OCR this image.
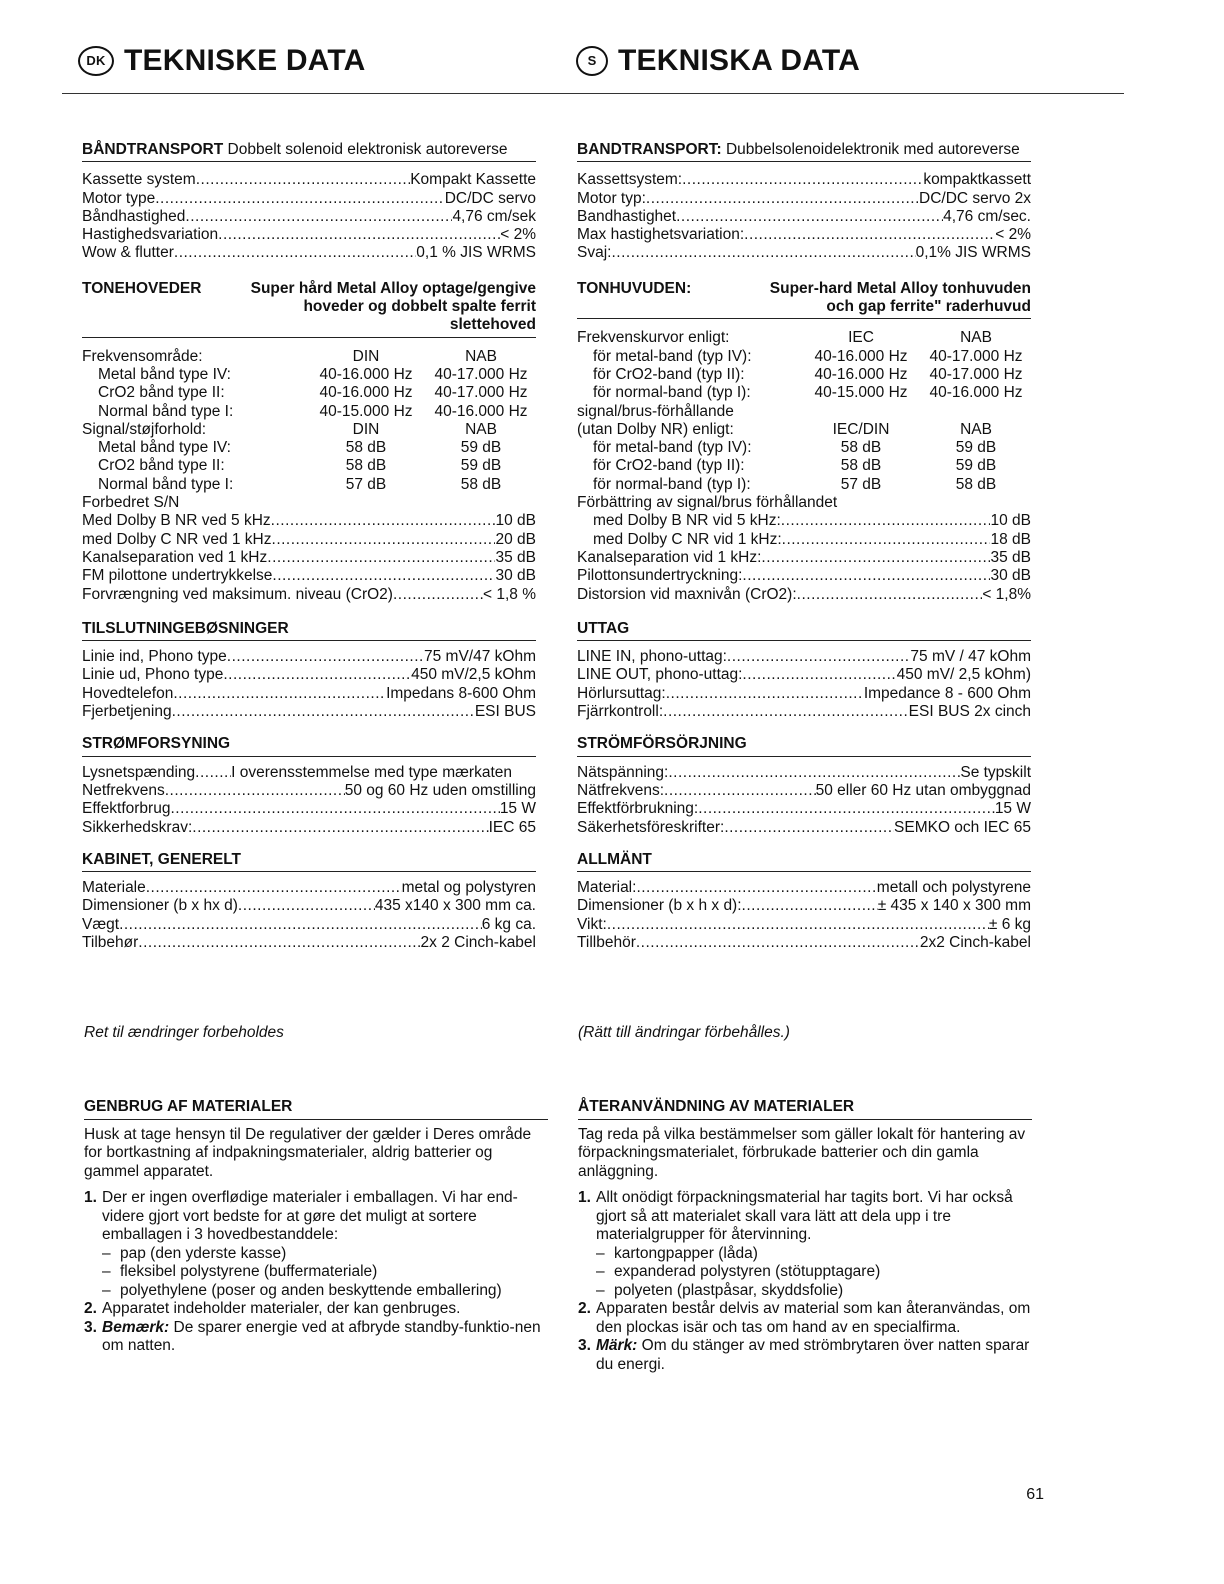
DK TEKNISKE DATA	S TEKNISKA DATA
BÅNDTRANSPORT Dobbelt solenoid elektronisk autoreverse
Kassette system .....	Kompakt Kassette
Motor type .....	DC/DC servo
Båndhastighed .....	4,76 cm/sek
Hastighedsvariation .....	< 2%
Wow & flutter .....	0,1 % JIS WRMS
TONEHOVEDER	Super hård Metal Alloy optage/gengive hoveder og dobbelt spalte ferrit slettehoved
Frekvensområde:	DIN	NAB
Metal bånd type IV:	40-16.000 Hz	40-17.000 Hz
CrO2 bånd type II:	40-16.000 Hz	40-17.000 Hz
Normal bånd type I:	40-15.000 Hz	40-16.000 Hz
Signal/støjforhold:	DIN	NAB
Metal bånd type IV:	58 dB	59 dB
CrO2 bånd type II:	58 dB	59 dB
Normal bånd type I:	57 dB	58 dB
Forbedret S/N
Med Dolby B NR ved 5 kHz .....	10 dB
med Dolby C NR ved 1 kHz .....	20 dB
Kanalseparation ved 1 kHz .....	35 dB
FM pilottone undertrykkelse .....	30 dB
Forvrængning ved maksimum. niveau (CrO2) .....	< 1,8 %
TILSLUTNINGEBØSNINGER
Linie ind, Phono type .....	75 mV/47 kOhm
Linie ud, Phono type .....	450 mV/2,5 kOhm
Hovedtelefon .....	Impedans 8-600 Ohm
Fjerbetjening .....	ESI BUS
STRØMFORSYNING
Lysnetspænding ..... I overensstemmelse med type mærkaten
Netfrekvens .....	50 og 60 Hz uden omstilling
Effektforbrug .....	15 W
Sikkerhedskrav: .....	IEC 65
KABINET, GENERELT
Materiale .....	metal og polystyren
Dimensioner (b x hx d) .....	435 x140 x 300 mm ca.
Vægt .....	6 kg ca.
Tilbehør .....	2x 2 Cinch-kabel
BANDTRANSPORT: Dubbelsolenoidelektronik med autoreverse
Kassettsystem: .....	kompaktkassett
Motor typ: .....	DC/DC servo 2x
Bandhastighet .....	4,76 cm/sec.
Max hastighetsvariation: .....	< 2%
Svaj: .....	0,1% JIS WRMS
TONHUVUDEN:	Super-hard Metal Alloy tonhuvuden och gap ferrite" raderhuvud
Frekvenskurvor enligt:	IEC	NAB
för metal-band (typ IV):	40-16.000 Hz	40-17.000 Hz
för CrO2-band (typ II):	40-16.000 Hz	40-17.000 Hz
för normal-band (typ I):	40-15.000 Hz	40-16.000 Hz
signal/brus-förhållande
(utan Dolby NR) enligt:	IEC/DIN	NAB
för metal-band (typ IV):	58 dB	59 dB
för CrO2-band (typ II):	58 dB	59 dB
för normal-band (typ I):	57 dB	58 dB
Förbättring av signal/brus förhållandet
med Dolby B NR vid 5 kHz: .....	10 dB
med Dolby C NR vid 1 kHz: .....	18 dB
Kanalseparation vid 1 kHz: .....	35 dB
Pilottonsundertryckning: .....	30 dB
Distorsion vid maxnivån (CrO2): .....	< 1,8%
UTTAG
LINE IN, phono-uttag: .....	75 mV / 47 kOhm
LINE OUT, phono-uttag: .....	450 mV/ 2,5 kOhm)
Hörlursuttag: .....	Impedance 8 - 600 Ohm
Fjärrkontroll: .....	ESI BUS 2x cinch
STRÖMFÖRSÖRJNING
Nätspänning: .....	Se typskilt
Nätfrekvens: .....	50 eller 60 Hz utan ombyggnad
Effektförbrukning: .....	15 W
Säkerhetsföreskrifter: .....	SEMKO och IEC 65
ALLMÄNT
Material: .....	metall och polystyrene
Dimensioner (b x h x d): .....	± 435 x 140 x 300 mm
Vikt: .....	± 6 kg
Tillbehör .....	2x2 Cinch-kabel
Ret til ændringer forbeholdes	(Rätt till ändringar förbehålles.)
GENBRUG AF MATERIALER
Husk at tage hensyn til De regulativer der gælder i Deres område for bortkastning af indpakningsmaterialer, aldrig batterier og gammel apparatet.
1. Der er ingen overflødige materialer i emballagen. Vi har end-videre gjort vort bedste for at gøre det muligt at sortere emballagen i 3 hovedbestanddele:
– pap (den yderste kasse)
– fleksibel polystyrene (buffermateriale)
– polyethylene (poser og anden beskyttende emballering)
2. Apparatet indeholder materialer, der kan genbruges.
3. Bemærk: De sparer energie ved at afbryde standby-funktio-nen om natten.
ÅTERANVÄNDNING AV MATERIALER
Tag reda på vilka bestämmelser som gäller lokalt för hantering av förpackningsmaterialet, förbrukade batterier och din gamla anläggning.
1. Allt onödigt förpackningsmaterial har tagits bort. Vi har också gjort så att materialet skall vara lätt att dela upp i tre materialgrupper för återvinning.
– kartongpapper (låda)
– expanderad polystyren (stötupptagare)
– polyeten (plastpåsar, skyddsfolie)
2. Apparaten består delvis av material som kan återanvändas, om den plockas isär och tas om hand av en specialfirma.
3. Märk: Om du stänger av med strömbrytaren över natten sparar du energi.
61
